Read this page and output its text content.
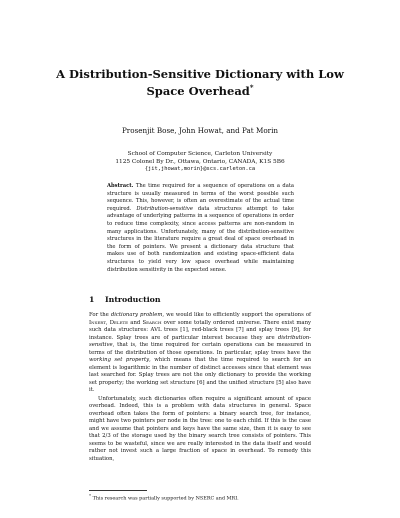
A Distribution-Sensitive Dictionary with Low
Space Overhead*
Prosenjit Bose, John Howat, and Pat Morin
School of Computer Science, Carleton University
1125 Colonel By Dr., Ottawa, Ontario, CANADA, K1S 5B6
{jit,jhowat,morin}@scs.carleton.ca
Abstract. The time required for a sequence of operations on a data structure is usually measured in terms of the worst possible such sequence. This, however, is often an overestimate of the actual time required. Distribution-sensitive data structures attempt to take advantage of underlying patterns in a sequence of operations in order to reduce time complexity, since access patterns are non-random in many applications. Unfortunately, many of the distribution-sensitive structures in the literature require a great deal of space overhead in the form of pointers. We present a dictionary data structure that makes use of both randomization and existing space-efficient data structures to yield very low space overhead while maintaining distribution sensitivity in the expected sense.
1 Introduction

For the dictionary problem, we would like to efficiently support the operations of Insert, Delete and Search over some totally ordered universe. There exist many such data structures: AVL trees [1], red-black trees [7] and splay trees [9], for instance. Splay trees are of particular interest because they are distribution-sensitive, that is, the time required for certain operations can be measured in terms of the distribution of those operations. In particular, splay trees have the working set property, which means that the time required to search for an element is logarithmic in the number of distinct accesses since that element was last searched for. Splay trees are not the only dictionary to provide the working set property; the working set structure [6] and the unified structure [5] also have it.

Unfortunately, such dictionaries often require a significant amount of space overhead. Indeed, this is a problem with data structures in general. Space overhead often takes the form of pointers: a binary search tree, for instance, might have two pointers per node in the tree: one to each child. If this is the case and we assume that pointers and keys have the same size, then it is easy to see that 2/3 of the storage used by the binary search tree consists of pointers. This seems to be wasteful, since we are really interested in the data itself and would rather not invest such a large fraction of space in overhead. To remedy this situation,

* This research was partially supported by NSERC and MRI.
